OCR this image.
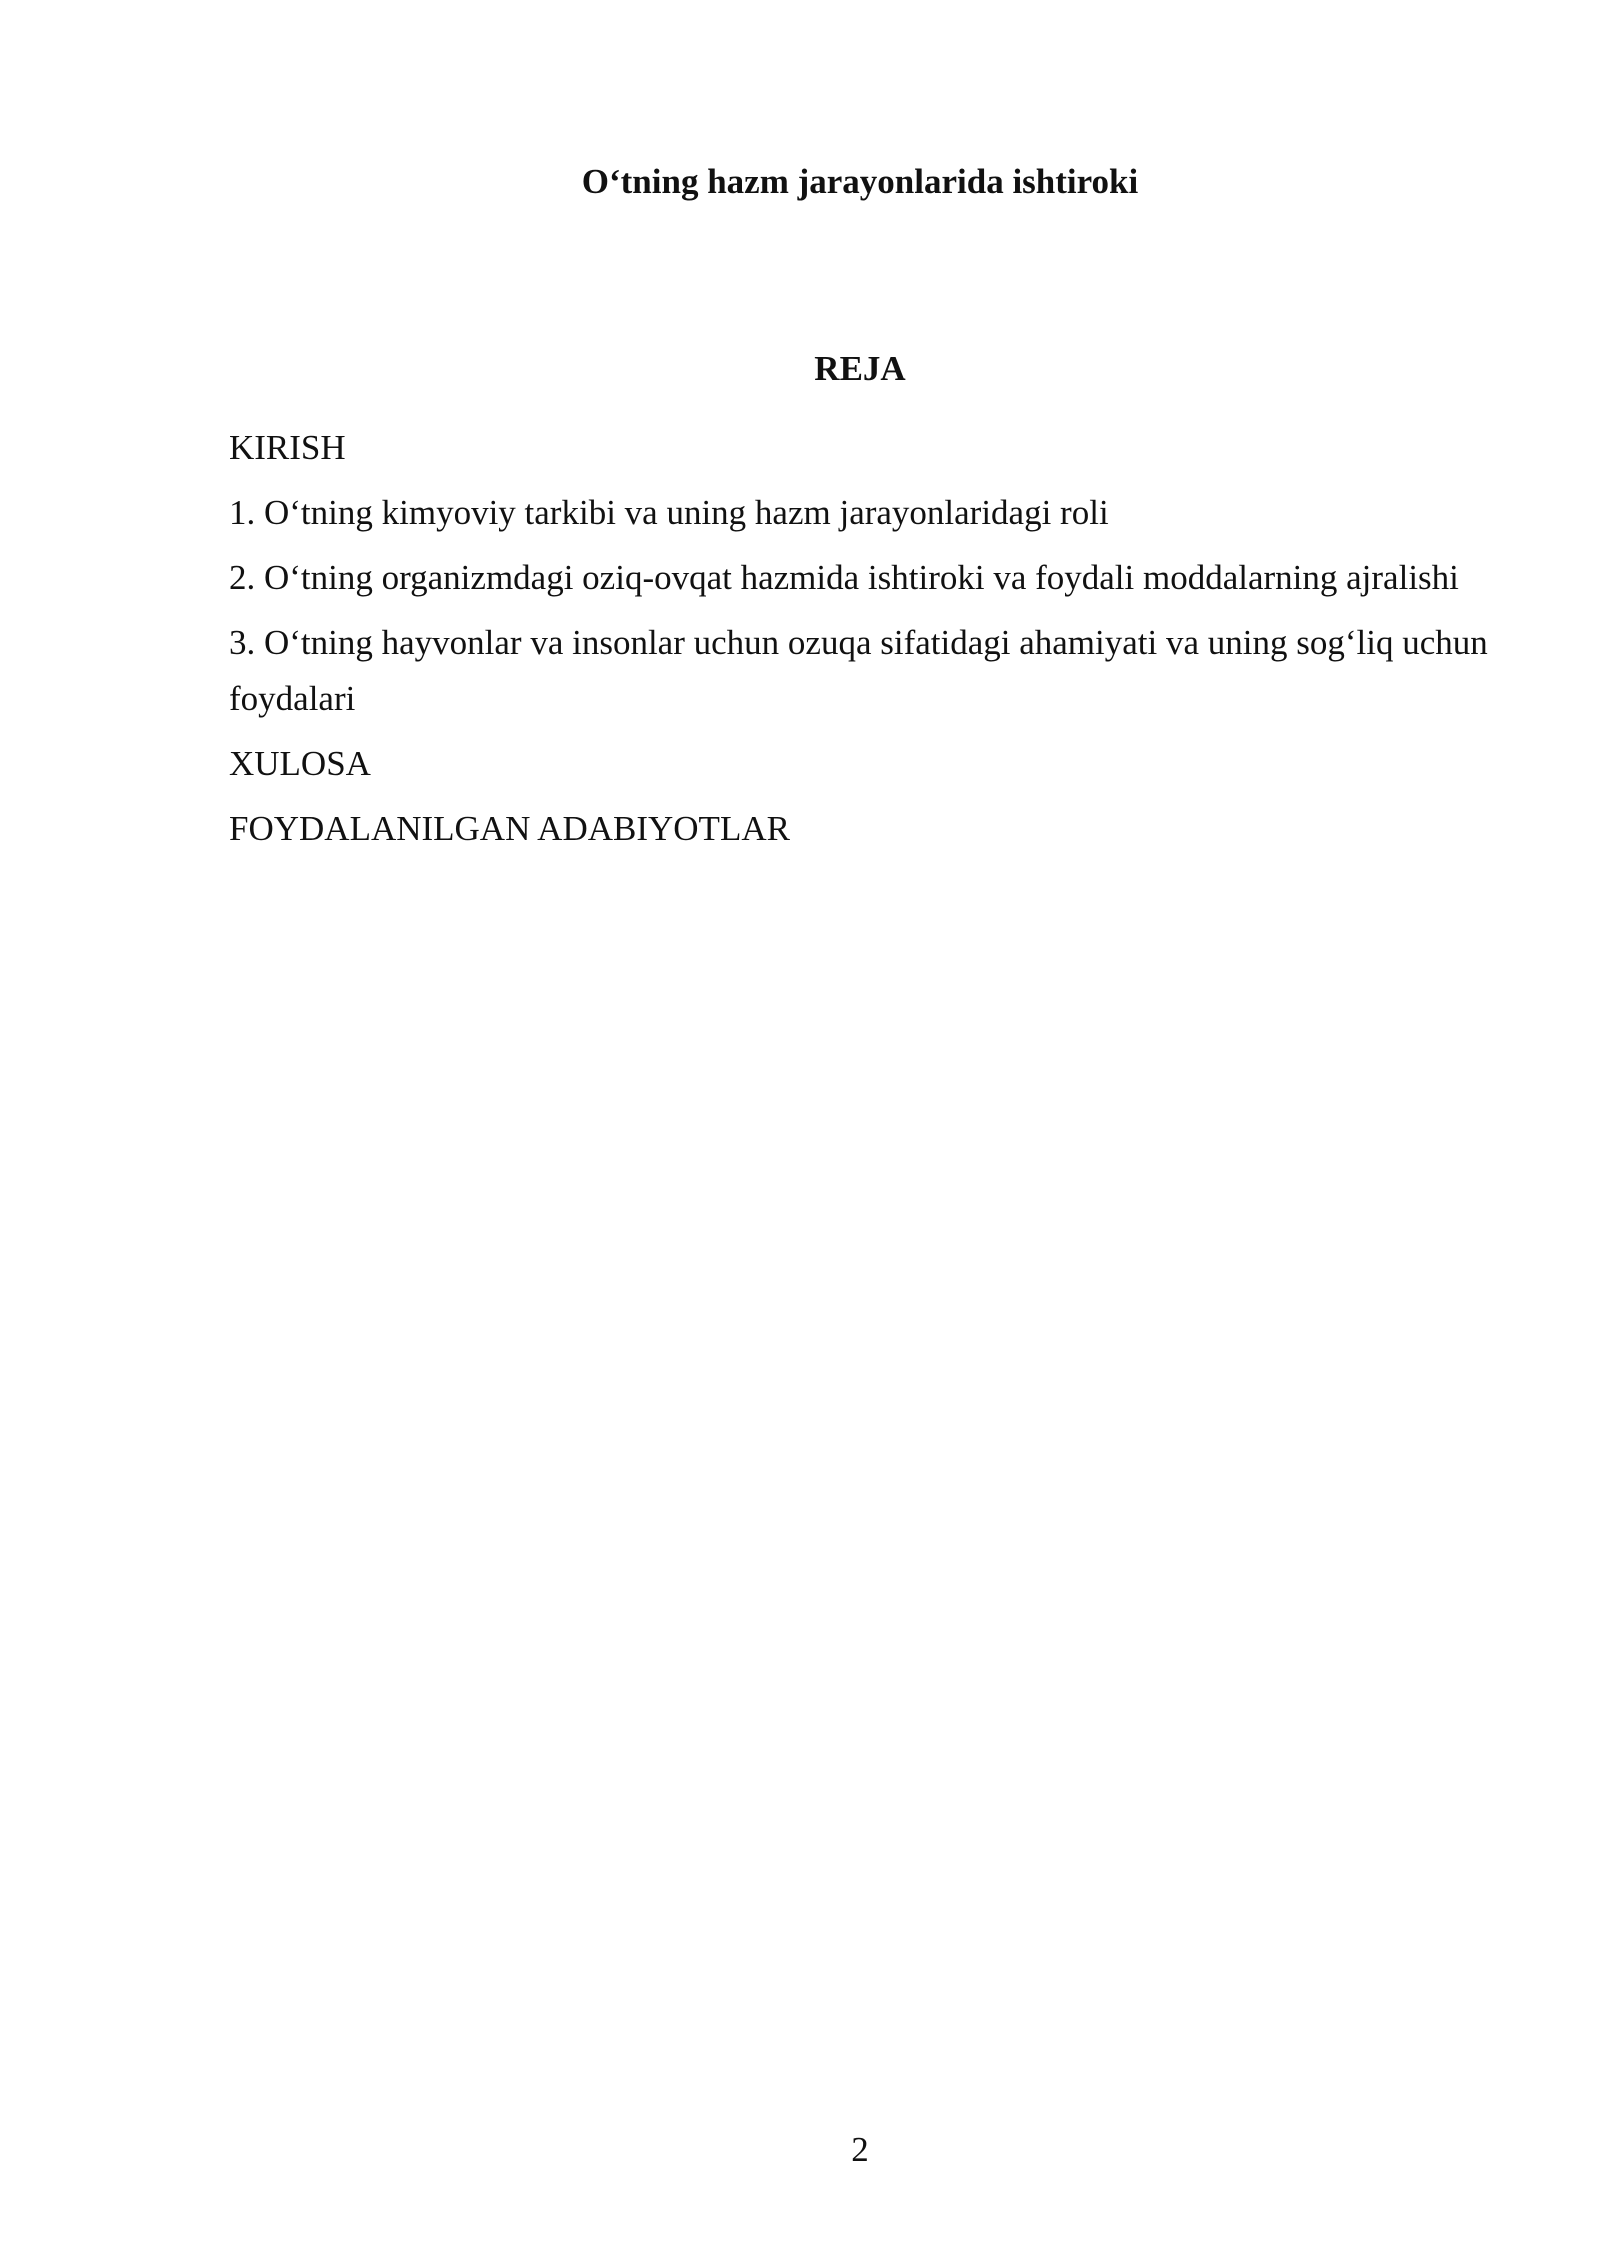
O‘tning hazm jarayonlarida ishtiroki
REJA
KIRISH
1. O‘tning kimyoviy tarkibi va uning hazm jarayonlaridagi roli
2. O‘tning organizmdagi oziq-ovqat hazmida ishtiroki va foydali moddalarning ajralishi
3. O‘tning hayvonlar va insonlar uchun ozuqa sifatidagi ahamiyati va uning sog‘liq uchun foydalari
XULOSA
FOYDALANILGAN ADABIYOTLAR
2
